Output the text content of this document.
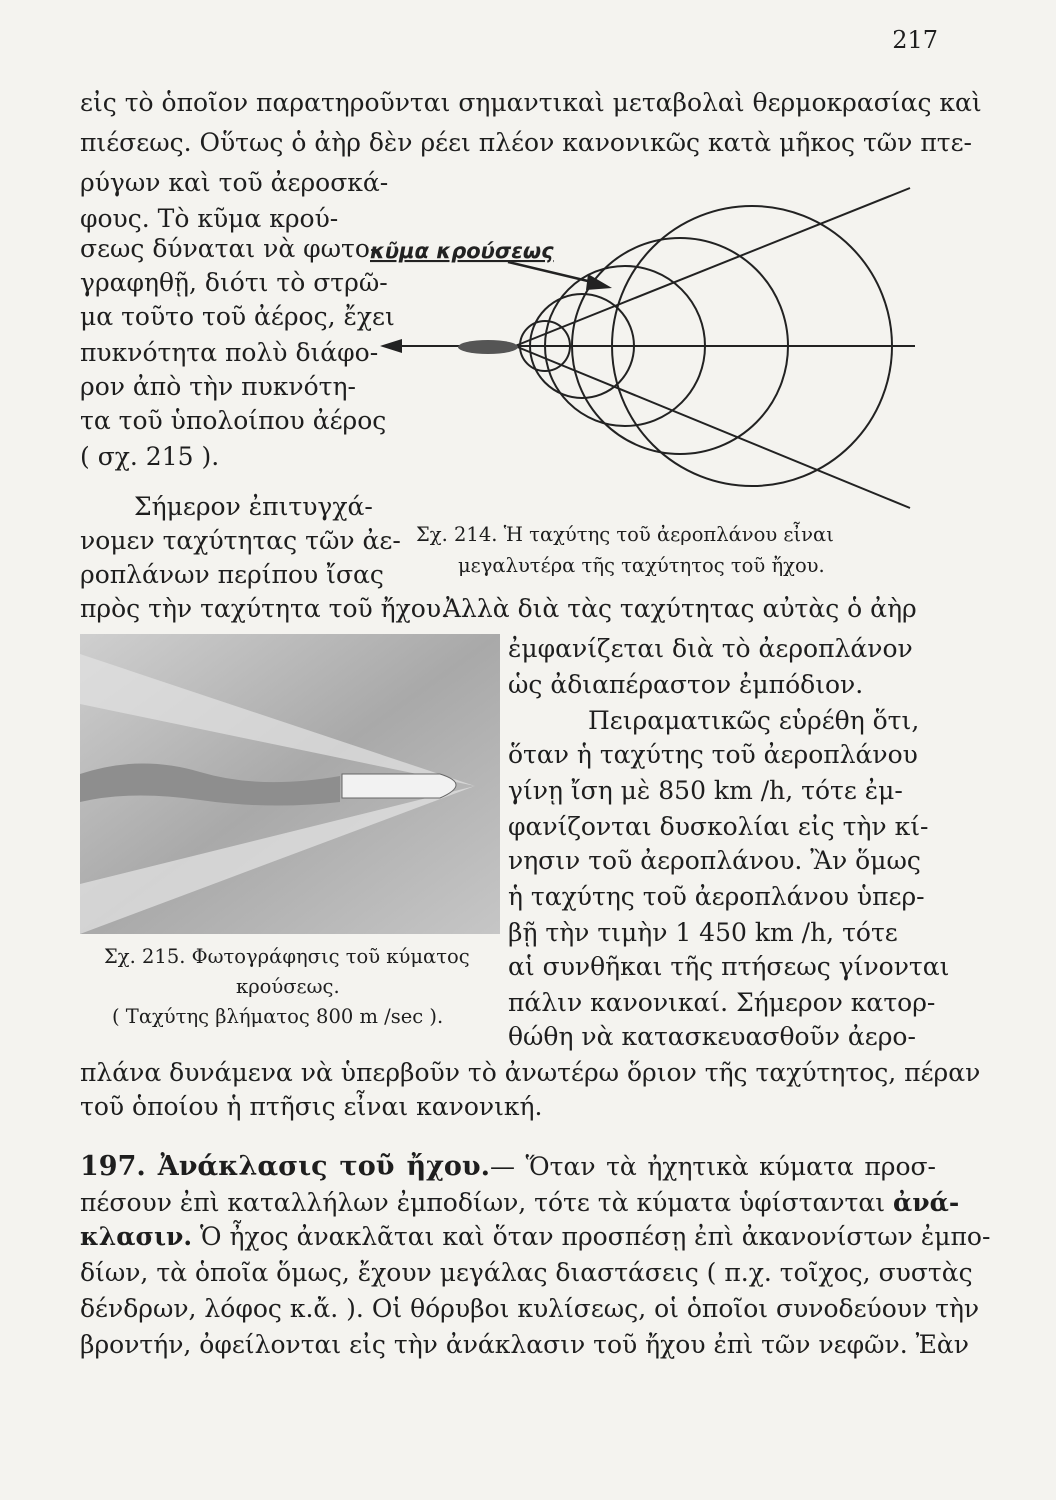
217
εἰς τὸ ὁποῖον παρατηροῦνται σημαντικαὶ μεταβολαὶ θερμοκρασίας καὶ
πιέσεως. Οὕτως ὁ ἀὴρ δὲν ρέει πλέον κανονικῶς κατὰ μῆκος τῶν πτε-
ρύγων καὶ τοῦ ἀεροσκά-
φους. Τὸ κῦμα κρού-
σεως δύναται νὰ φωτο-
γραφηθῇ, διότι τὸ στρῶ-
μα τοῦτο τοῦ ἀέρος, ἔχει
πυκνότητα πολὺ διάφο-
ρον ἀπὸ τὴν πυκνότη-
τα τοῦ ὑπολοίπου ἀέρος
( σχ. 215 ).
Σήμερον ἐπιτυγχά-
νομεν ταχύτητας τῶν ἀε-
ροπλάνων περίπου ἴσας
κῦμα κρούσεως
Σχ. 214. Ἡ ταχύτης τοῦ ἀεροπλάνου εἶναι
μεγαλυτέρα τῆς ταχύτητος τοῦ ἤχου.
πρὸς τὴν ταχύτητα τοῦ ἤχου.
Ἀλλὰ διὰ τὰς ταχύτητας αὐτὰς ὁ ἀὴρ
Σχ. 215. Φωτογράφησις τοῦ κύματος
κρούσεως.
( Ταχύτης βλήματος 800 m /sec ).
ἐμφανίζεται διὰ τὸ ἀεροπλάνον
ὡς ἀδιαπέραστον ἐμπόδιον.
Πειραματικῶς εὑρέθη ὅτι,
ὅταν ἡ ταχύτης τοῦ ἀεροπλάνου
γίνῃ ἴση μὲ 850 km /h, τότε ἐμ-
φανίζονται δυσκολίαι εἰς τὴν κί-
νησιν τοῦ ἀεροπλάνου. Ἂν ὅμως
ἡ ταχύτης τοῦ ἀεροπλάνου ὑπερ-
βῇ τὴν τιμὴν 1 450 km /h, τότε
αἱ συνθῆκαι τῆς πτήσεως γίνονται
πάλιν κανονικαί. Σήμερον κατορ-
θώθη νὰ κατασκευασθοῦν ἀερο-
πλάνα δυνάμενα νὰ ὑπερβοῦν τὸ ἀνωτέρω ὅριον τῆς ταχύτητος, πέραν
τοῦ ὁποίου ἡ πτῆσις εἶναι κανονική.
197. Ἀνάκλασις τοῦ ἤχου.— Ὅταν τὰ ἠχητικὰ κύματα προσ-
πέσουν ἐπὶ καταλλήλων ἐμποδίων, τότε τὰ κύματα ὑφίστανται ἀνά-
κλασιν. Ὁ ἦχος ἀνακλᾶται καὶ ὅταν προσπέσῃ ἐπὶ ἀκανονίστων ἐμπο-
δίων, τὰ ὁποῖα ὅμως, ἔχουν μεγάλας διαστάσεις ( π.χ. τοῖχος, συστὰς
δένδρων, λόφος κ.ἄ. ). Οἱ θόρυβοι κυλίσεως, οἱ ὁποῖοι συνοδεύουν τὴν
βροντήν, ὀφείλονται εἰς τὴν ἀνάκλασιν τοῦ ἤχου ἐπὶ τῶν νεφῶν. Ἐὰν
